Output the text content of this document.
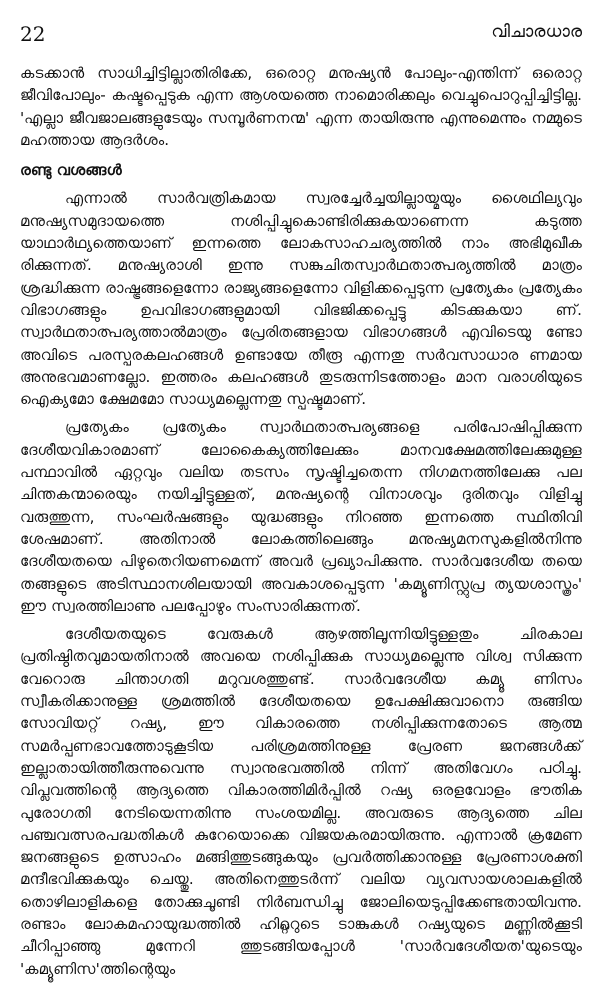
22	വിചാരധാര

കടക്കാൻ സാധിച്ചിട്ടില്ലാതിരിക്കേ, ഒരൊറ്റ മനുഷ്യൻ പോലും-എന്തിന്ന് ഒരൊറ്റ ജീവിപോലും- കഷ്ടപ്പെടുക എന്ന ആശയത്തെ നാമൊരിക്കലും വെച്ചുപൊറുപ്പിച്ചിട്ടില്ല. 'എല്ലാ ജീവജാലങ്ങളുടേയും സമ്പൂർണനന്മ' എന്ന തായിരുന്നു എന്നുമെന്നും നമ്മുടെ മഹത്തായ ആദർശം.

രണ്ടു വശങ്ങൾ

എന്നാൽ സാർവത്രികമായ സ്വരച്ചേർച്ചയില്ലായ്മയും ശൈഥില്യവും മനുഷ്യസമുദായത്തെ നശിപ്പിച്ചുകൊണ്ടിരിക്കുകയാണെന്ന കടുത്ത യാഥാർഥ്യത്തെയാണ് ഇന്നത്തെ ലോകസാഹചര്യത്തിൽ നാം അഭിമുഖീക രിക്കുന്നത്. മനുഷ്യരാശി ഇന്നു സങ്കുചിതസ്വാർഥതാത്പര്യത്തിൽ മാത്രം ശ്രദ്ധിക്കുന്ന രാഷ്ട്രങ്ങളെന്നോ രാജ്യങ്ങളെന്നോ വിളിക്കപ്പെടുന്ന പ്രത്യേകം പ്രത്യേകം വിഭാഗങ്ങളും ഉപവിഭാഗങ്ങളുമായി വിഭജിക്കപ്പെട്ടു കിടക്കുകയാ ണ്. സ്വാർഥതാത്പര്യത്താൽമാത്രം പ്രേരിതങ്ങളായ വിഭാഗങ്ങൾ എവിടെയു ണ്ടോ അവിടെ പരസ്പരകലഹങ്ങൾ ഉണ്ടായേ തീരൂ എന്നതു സർവസാധാര ണമായ അനുഭവമാണല്ലോ. ഇത്തരം കലഹങ്ങൾ തുടരുന്നിടത്തോളം മാന വരാശിയുടെ ഐക്യമോ ക്ഷേമമോ സാധ്യമല്ലെന്നതു സ്പഷ്ടമാണ്.

പ്രത്യേകം പ്രത്യേകം സ്വാർഥതാത്പര്യങ്ങളെ പരിപോഷിപ്പിക്കുന്ന ദേശീയവികാരമാണ് ലോകൈക്യത്തിലേക്കും മാനവക്ഷേമത്തിലേക്കുമുള്ള പന്ഥാവിൽ ഏറ്റവും വലിയ തടസം സൃഷ്ടിച്ചതെന്ന നിഗമനത്തിലേക്കു പല ചിന്തകന്മാരെയും നയിച്ചിട്ടുള്ളത്, മനുഷ്യന്റെ വിനാശവും ദുരിതവും വിളിച്ചു വരുത്തുന്ന, സംഘർഷങ്ങളും യുദ്ധങ്ങളും നിറഞ്ഞ ഇന്നത്തെ സ്ഥിതിവി ശേഷമാണ്. അതിനാൽ ലോകത്തിലെങ്ങും മനുഷ്യമനസുകളിൽനിന്നു ദേശീയതയെ പിഴുതെറിയണമെന്ന് അവർ പ്രഖ്യാപിക്കുന്നു. സാർവദേശീയ തയെ തങ്ങളുടെ അടിസ്ഥാനശിലയായി അവകാശപ്പെടുന്ന 'കമ്യൂണിസ്റ്റുപ്ര ത്യയശാസ്ത്രം' ഈ സ്വരത്തിലാണു പലപ്പോഴും സംസാരിക്കുന്നത്.

ദേശീയതയുടെ വേരുകൾ ആഴത്തിലൂന്നിയിട്ടുള്ളതും ചിരകാല പ്രതിഷ്ഠിതവുമായതിനാൽ അവയെ നശിപ്പിക്കുക സാധ്യമല്ലെന്നു വിശ്വ സിക്കുന്ന വേറൊരു ചിന്താഗതി മറുവശത്തുണ്ട്. സാർവദേശീയ കമ്യൂ ണിസം സ്വീകരിക്കാനുള്ള ശ്രമത്തിൽ ദേശീയതയെ ഉപേക്ഷിക്കുവാനൊ രുങ്ങിയ സോവിയറ്റ് റഷ്യ, ഈ വികാരത്തെ നശിപ്പിക്കുന്നതോടെ ആത്മ സമർപ്പണഭാവത്തോടുകൂടിയ പരിശ്രമത്തിനുള്ള പ്രേരണ ജനങ്ങൾക്ക് ഇല്ലാതായിത്തീരുന്നുവെന്നു സ്വാനുഭവത്തിൽ നിന്ന് അതിവേഗം പഠിച്ചു. വിപ്ലവത്തിന്റെ ആദ്യത്തെ വികാരത്തിമിർപ്പിൽ റഷ്യ ഒരളവോളം ഭൗതിക പുരോഗതി നേടിയെന്നതിന്നു സംശയമില്ല. അവരുടെ ആദ്യത്തെ ചില പഞ്ചവത്സരപദ്ധതികൾ കുറേയൊക്കെ വിജയകരമായിരുന്നു. എന്നാൽ ക്രമേണ ജനങ്ങളുടെ ഉത്സാഹം മങ്ങിത്തുടങ്ങുകയും പ്രവർത്തിക്കാനുള്ള പ്രേരണാശക്തി മന്ദീഭവിക്കുകയും ചെയ്തു. അതിനെത്തുടർന്ന് വലിയ വ്യവസായശാലകളിൽ തൊഴിലാളികളെ തോക്കുചൂണ്ടി നിർബന്ധിച്ചു ജോലിയെടുപ്പിക്കേണ്ടതായിവന്നു. രണ്ടാം ലോകമഹായുദ്ധത്തിൽ ഹിറ്റ്ലറുടെ ടാങ്കുകൾ റഷ്യയുടെ മണ്ണിൽക്കൂടി ചീറിപ്പാഞ്ഞു മുന്നേറി ത്തുടങ്ങിയപ്പോൾ 'സാർവദേശീയത'യുടെയും 'കമ്യൂണിസ'ത്തിന്റെയും
